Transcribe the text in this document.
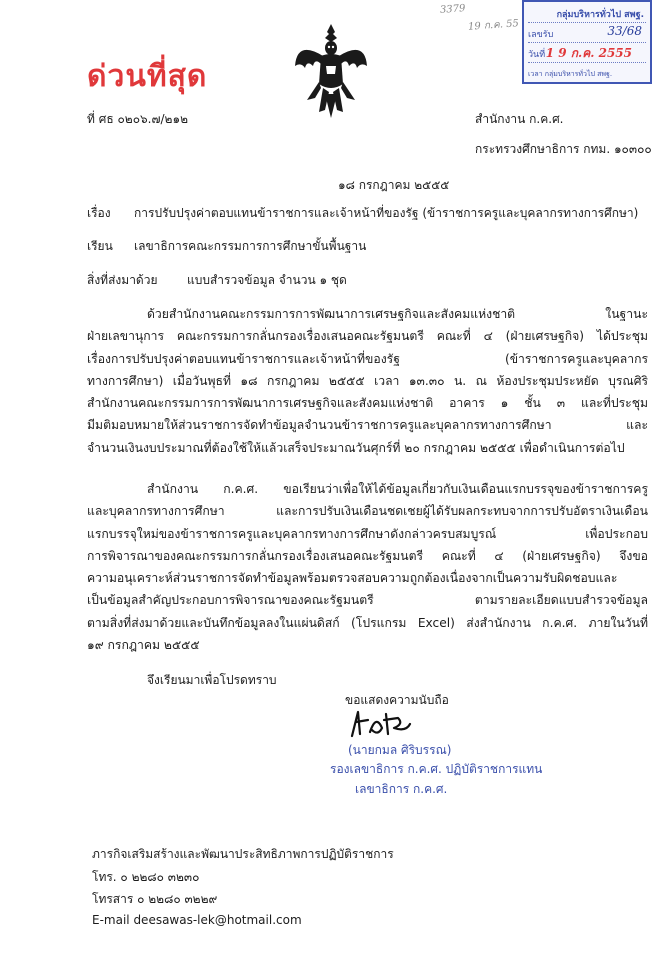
ด่วนที่สุด
3379
19 ก.ค. 55
กลุ่มบริหารทั่วไป สพฐ.
เลขรับ	33/68
วันที่ 1 9 ก.ค. 2555
เวลา กลุ่มบริหารทั่วไป สพฐ.
ที่ ศธ ๐๒๐๖.๗/๒๑๒	สำนักงาน ก.ค.ศ.
กระทรวงศึกษาธิการ กทม. ๑๐๓๐๐
๑๘ กรกฎาคม ๒๕๕๕
เรื่อง การปรับปรุงค่าตอบแทนข้าราชการและเจ้าหน้าที่ของรัฐ (ข้าราชการครูและบุคลากรทางการศึกษา)
เรียน เลขาธิการคณะกรรมการการศึกษาขั้นพื้นฐาน
สิ่งที่ส่งมาด้วย แบบสำรวจข้อมูล จำนวน ๑ ชุด
ด้วยสำนักงานคณะกรรมการการพัฒนาการเศรษฐกิจและสังคมแห่งชาติ ในฐานะ
ฝ่ายเลขานุการ คณะกรรมการกลั่นกรองเรื่องเสนอคณะรัฐมนตรี คณะที่ ๔ (ฝ่ายเศรษฐกิจ) ได้ประชุม
เรื่องการปรับปรุงค่าตอบแทนข้าราชการและเจ้าหน้าที่ของรัฐ (ข้าราชการครูและบุคลากร
ทางการศึกษา) เมื่อวันพุธที่ ๑๘ กรกฎาคม ๒๕๕๕ เวลา ๑๓.๓๐ น. ณ ห้องประชุมประหยัด บุรณศิริ
สำนักงานคณะกรรมการการพัฒนาการเศรษฐกิจและสังคมแห่งชาติ อาคาร ๑ ชั้น ๓ และที่ประชุม
มีมติมอบหมายให้ส่วนราชการจัดทำข้อมูลจำนวนข้าราชการครูและบุคลากรทางการศึกษา และ
จำนวนเงินงบประมาณที่ต้องใช้ให้แล้วเสร็จประมาณวันศุกร์ที่ ๒๐ กรกฎาคม ๒๕๕๕ เพื่อดำเนินการต่อไป
สำนักงาน ก.ค.ศ. ขอเรียนว่าเพื่อให้ได้ข้อมูลเกี่ยวกับเงินเดือนแรกบรรจุของข้าราชการครู
และบุคลากรทางการศึกษา และการปรับเงินเดือนชดเชยผู้ได้รับผลกระทบจากการปรับอัตราเงินเดือน
แรกบรรจุใหม่ของข้าราชการครูและบุคลากรทางการศึกษาดังกล่าวครบสมบูรณ์ เพื่อประกอบ
การพิจารณาของคณะกรรมการกลั่นกรองเรื่องเสนอคณะรัฐมนตรี คณะที่ ๔ (ฝ่ายเศรษฐกิจ) จึงขอ
ความอนุเคราะห์ส่วนราชการจัดทำข้อมูลพร้อมตรวจสอบความถูกต้องเนื่องจากเป็นความรับผิดชอบและ
เป็นข้อมูลสำคัญประกอบการพิจารณาของคณะรัฐมนตรี ตามรายละเอียดแบบสำรวจข้อมูล
ตามสิ่งที่ส่งมาด้วยและบันทึกข้อมูลลงในแผ่นดิสก์ (โปรแกรม Excel) ส่งสำนักงาน ก.ค.ศ. ภายในวันที่
๑๙ กรกฎาคม ๒๕๕๕
จึงเรียนมาเพื่อโปรดทราบ
ขอแสดงความนับถือ
(นายกมล ศิริบรรณ)
รองเลขาธิการ ก.ค.ศ. ปฏิบัติราชการแทน
เลขาธิการ ก.ค.ศ.
ภารกิจเสริมสร้างและพัฒนาประสิทธิภาพการปฏิบัติราชการ
โทร. ๐ ๒๒๘๐ ๓๒๓๐
โทรสาร ๐ ๒๒๘๐ ๓๒๒๙
E-mail deesawas-lek@hotmail.com
